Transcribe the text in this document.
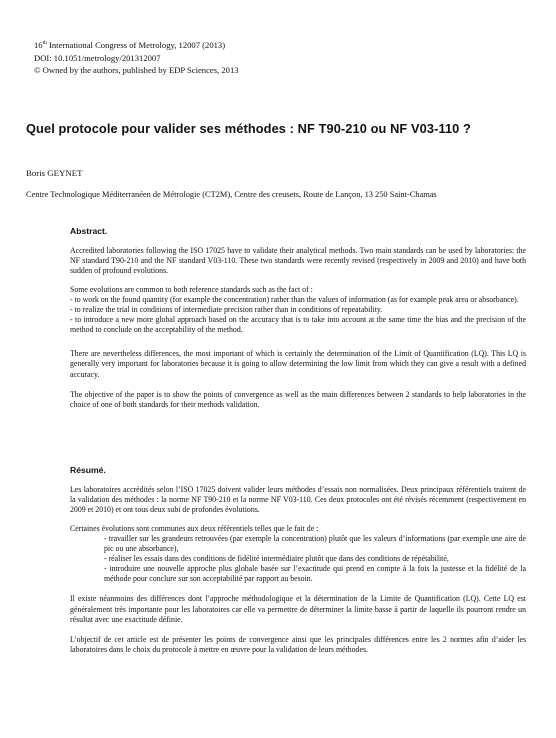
16th International Congress of Metrology, 12007 (2013)
DOI: 10.1051/metrology/201312007
© Owned by the authors, published by EDP Sciences, 2013
Quel protocole pour valider ses méthodes : NF T90-210 ou NF V03-110 ?
Boris GEYNET
Centre Technologique Méditerranéen de Métrologie (CT2M), Centre des creusets, Route de Lançon, 13 250 Saint-Chamas
Abstract.

Accredited laboratories following the ISO 17025 have to validate their analytical methods. Two main standards can be used by laboratories: the NF standard T90-210 and the NF standard V03-110. These two standards were recently revised (respectively in 2009 and 2010) and have both sudden of profound evolutions.

Some evolutions are common to both reference standards such as the fact of :
- to work on the found quantity (for example the concentration) rather than the values of information (as for example peak area or absorbance).
- to realize the trial in conditions of intermediate precision rather than in conditions of repeatability.
- to introduce a new more global approach based on the accuracy that is to take into account at the same time the bias and the precision of the method to conclude on the acceptability of the method.

There are nevertheless differences, the most important of which is certainly the determination of the Limit of Quantification (LQ). This LQ is generally very important for laboratories because it is going to allow determining the low limit from which they can give a result with a defined accuracy.

The objective of the paper is to show the points of convergence as well as the main differences between 2 standards to help laboratories in the choice of one of both standards for their methods validation.

Résumé.

Les laboratoires accrédités selon l’ISO 17025 doivent valider leurs méthodes d’essais non normalisées. Deux principaux référentiels traitent de la validation des méthodes : la norme NF T90-210 et la norme NF V03-110. Ces deux protocoles ont été révisés récemment (respectivement en 2009 et 2010) et ont tous deux subi de profondes évolutions.

Certaines évolutions sont communes aux deux référentiels telles que le fait de :
- travailler sur les grandeurs retrouvées (par exemple la concentration) plutôt que les valeurs d’informations (par exemple une aire de pic ou une absorbance),
- réaliser les essais dans des conditions de fidélité intermédiaire plutôt que dans des conditions de répétabilité,
- introduire une nouvelle approche plus globale basée sur l’exactitude qui prend en compte à la fois la justesse et la fidélité de la méthode pour conclure sur son acceptabilité par rapport au besoin.

Il existe néanmoins des différences dont l’approche méthodologique et la détermination de la Limite de Quantification (LQ). Cette LQ est généralement très importante pour les laboratoires car elle va permettre de déterminer la limite basse à partir de laquelle ils pourront rendre un résultat avec une exactitude définie.

L’objectif de cet article est de présenter les points de convergence ainsi que les principales différences entre les 2 normes afin d’aider les laboratoires dans le choix du protocole à mettre en œuvre pour la validation de leurs méthodes.
